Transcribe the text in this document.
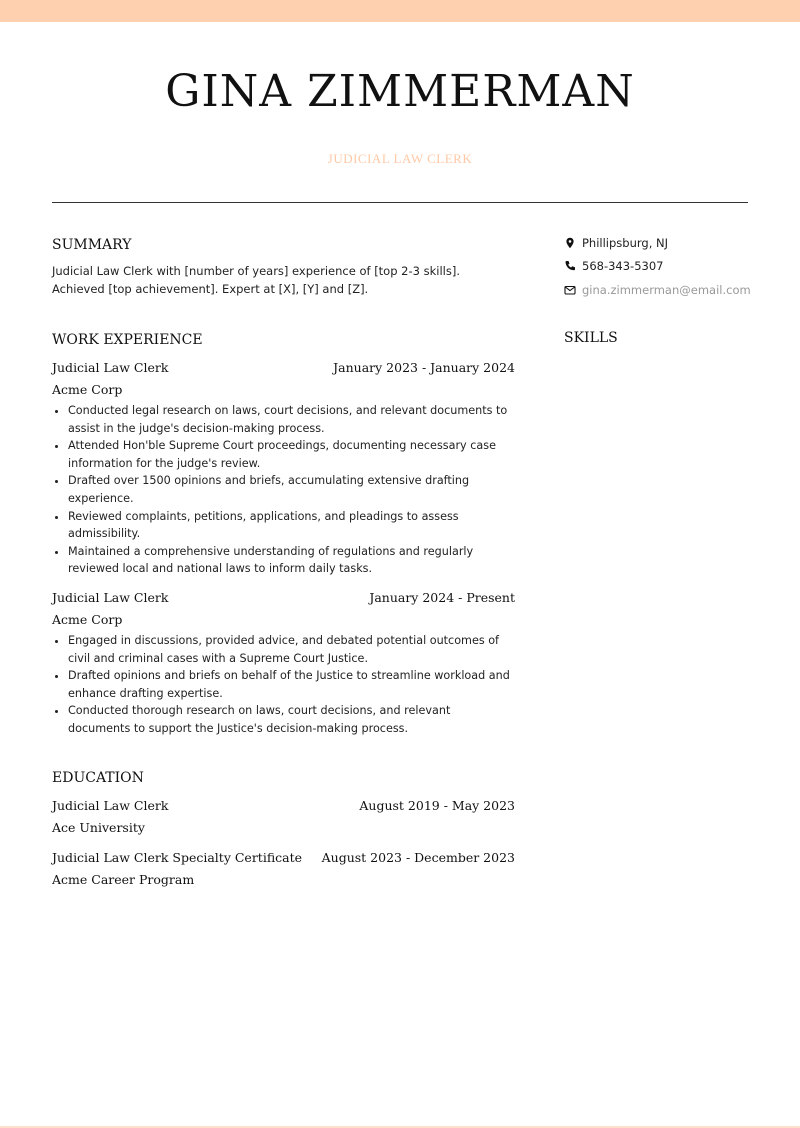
GINA ZIMMERMAN
JUDICIAL LAW CLERK
SUMMARY
Judicial Law Clerk with [number of years] experience of [top 2-3 skills]. Achieved [top achievement]. Expert at [X], [Y] and [Z].
WORK EXPERIENCE
Judicial Law Clerk	January 2023 - January 2024
Acme Corp
• Conducted legal research on laws, court decisions, and relevant documents to assist in the judge's decision-making process.
• Attended Hon'ble Supreme Court proceedings, documenting necessary case information for the judge's review.
• Drafted over 1500 opinions and briefs, accumulating extensive drafting experience.
• Reviewed complaints, petitions, applications, and pleadings to assess admissibility.
• Maintained a comprehensive understanding of regulations and regularly reviewed local and national laws to inform daily tasks.
Judicial Law Clerk	January 2024 - Present
Acme Corp
• Engaged in discussions, provided advice, and debated potential outcomes of civil and criminal cases with a Supreme Court Justice.
• Drafted opinions and briefs on behalf of the Justice to streamline workload and enhance drafting expertise.
• Conducted thorough research on laws, court decisions, and relevant documents to support the Justice's decision-making process.
EDUCATION
Judicial Law Clerk	August 2019 - May 2023
Ace University
Judicial Law Clerk Specialty Certificate August 2023 - December 2023
Acme Career Program
Phillipsburg, NJ
568-343-5307
gina.zimmerman@email.com
SKILLS
